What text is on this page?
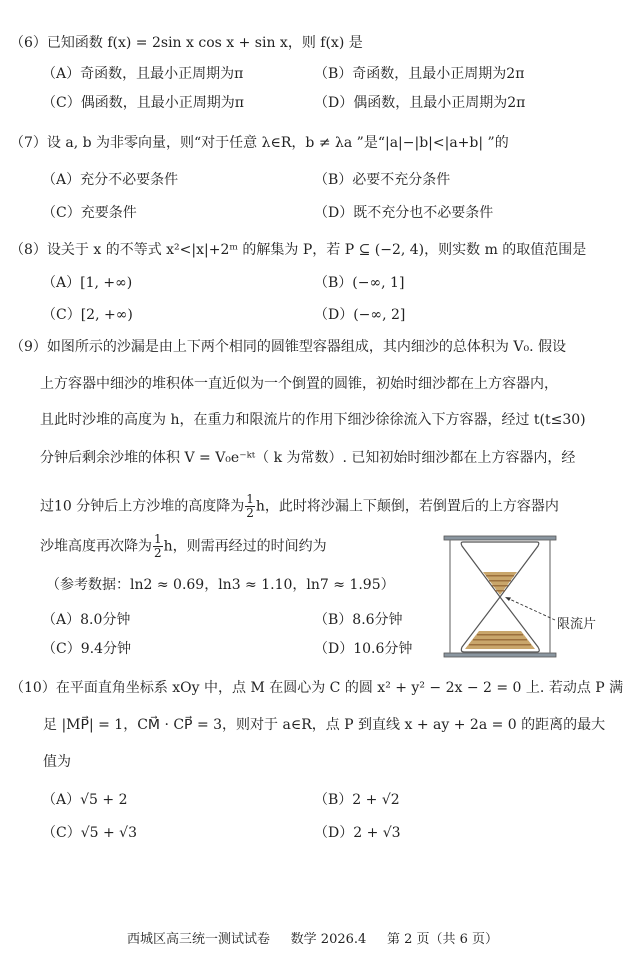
（6）已知函数 f(x) = 2sin x cos x + sin x，则 f(x) 是
（A）奇函数，且最小正周期为π	（B）奇函数，且最小正周期为2π
（C）偶函数，且最小正周期为π	（D）偶函数，且最小正周期为2π
（7）设 a, b 为非零向量，则“对于任意 λ∈R，b ≠ λa ”是“|a|−|b|<|a+b| ”的
（A）充分不必要条件	（B）必要不充分条件
（C）充要条件	（D）既不充分也不必要条件
（8）设关于 x 的不等式 x²<|x|+2ᵐ 的解集为 P，若 P ⊆ (−2, 4)，则实数 m 的取值范围是
（A）[1, +∞)	（B）(−∞, 1]
（C）[2, +∞)	（D）(−∞, 2]
（9）如图所示的沙漏是由上下两个相同的圆锥型容器组成，其内细沙的总体积为 V₀. 假设
上方容器中细沙的堆积体一直近似为一个倒置的圆锥，初始时细沙都在上方容器内，
且此时沙堆的高度为 h，在重力和限流片的作用下细沙徐徐流入下方容器，经过 t(t≤30)
分钟后剩余沙堆的体积 V = V₀e⁻ᵏᵗ（ k 为常数）. 已知初始时细沙都在上方容器内，经
过10 分钟后上方沙堆的高度降为 $\frac{1}{2}$ h，此时将沙漏上下颠倒，若倒置后的上方容器内
沙堆高度再次降为 $\frac{1}{2}$ h，则需再经过的时间约为
（参考数据：ln2 ≈ 0.69，ln3 ≈ 1.10，ln7 ≈ 1.95）
（A）8.0分钟	（B）8.6分钟
（C）9.4分钟	（D）10.6分钟
限流片
（10）在平面直角坐标系 xOy 中，点 M 在圆心为 C 的圆 x² + y² − 2x − 2 = 0 上. 若动点 P 满
足 |MP⃗| = 1，CM⃗ · CP⃗ = 3，则对于 a∈R，点 P 到直线 x + ay + 2a = 0 的距离的最大
值为
（A）√5 + 2	（B）2 + √2
（C）√5 + √3	（D）2 + √3
西城区高三统一测试试卷     数学 2026.4     第 2 页（共 6 页）
